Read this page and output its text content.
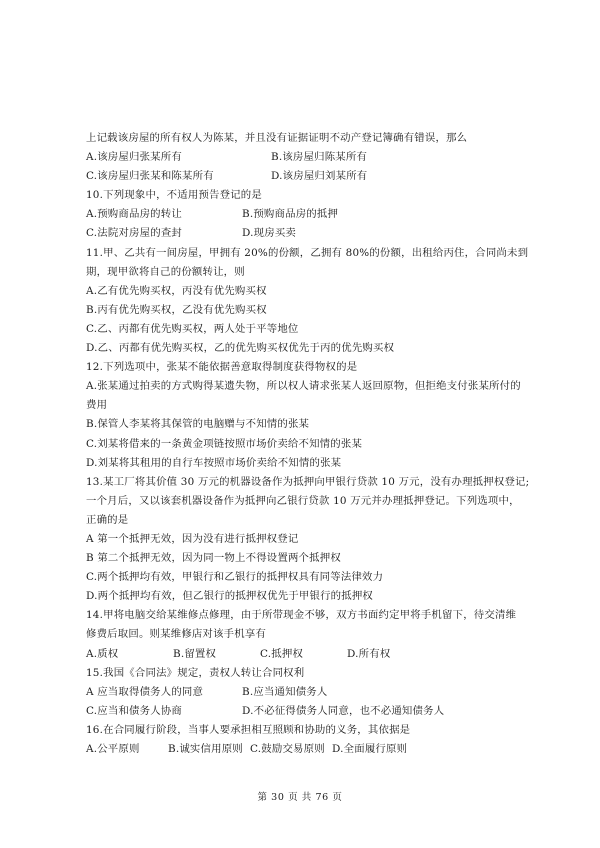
上记载该房屋的所有权人为陈某，并且没有证据证明不动产登记簿确有错误，那么
A.该房屋归张某所有	B.该房屋归陈某所有
C.该房屋归张某和陈某所有	D.该房屋归刘某所有
10.下列现象中，不适用预告登记的是
A.预购商品房的转让	B.预购商品房的抵押
C.法院对房屋的查封	D.现房买卖
11.甲、乙共有一间房屋，甲拥有 20%的份额，乙拥有 80%的份额，出租给丙住，合同尚未到
期，现甲欲将自己的份额转让，则
A.乙有优先购买权，丙没有优先购买权
B.丙有优先购买权，乙没有优先购买权
C.乙、丙都有优先购买权，两人处于平等地位
D.乙、丙都有优先购买权，乙的优先购买权优先于丙的优先购买权
12.下列选项中，张某不能依据善意取得制度获得物权的是
A.张某通过拍卖的方式购得某遗失物，所以权人请求张某人返回原物，但拒绝支付张某所付的
费用
B.保管人李某将其保管的电脑赠与不知情的张某
C.刘某将借来的一条黄金项链按照市场价卖给不知情的张某
D.刘某将其租用的自行车按照市场价卖给不知情的张某
13.某工厂将其价值 30 万元的机器设备作为抵押向甲银行贷款 10 万元，没有办理抵押权登记;
一个月后，又以该套机器设备作为抵押向乙银行贷款 10 万元并办理抵押登记。下列选项中，
正确的是
A 第一个抵押无效，因为没有进行抵押权登记
B 第二个抵押无效，因为同一物上不得设置两个抵押权
C.两个抵押均有效，甲银行和乙银行的抵押权具有同等法律效力
D.两个抵押均有效，但乙银行的抵押权优先于甲银行的抵押权
14.甲将电脑交给某维修点修理，由于所带现金不够，双方书面约定甲将手机留下，待交清维
修费后取回。则某维修店对该手机享有
A.质权	B.留置权	C.抵押权	D.所有权
15.我国《合同法》规定，责权人转让合同权利
A 应当取得债务人的同意	B.应当通知债务人
C.应当和债务人协商	D.不必征得债务人同意，也不必通知债务人
16.在合同履行阶段，当事人要承担相互照顾和协助的义务，其依据是
A.公平原则	B.诚实信用原则 C.鼓励交易原则 D.全面履行原则
第 30 页 共 76 页
